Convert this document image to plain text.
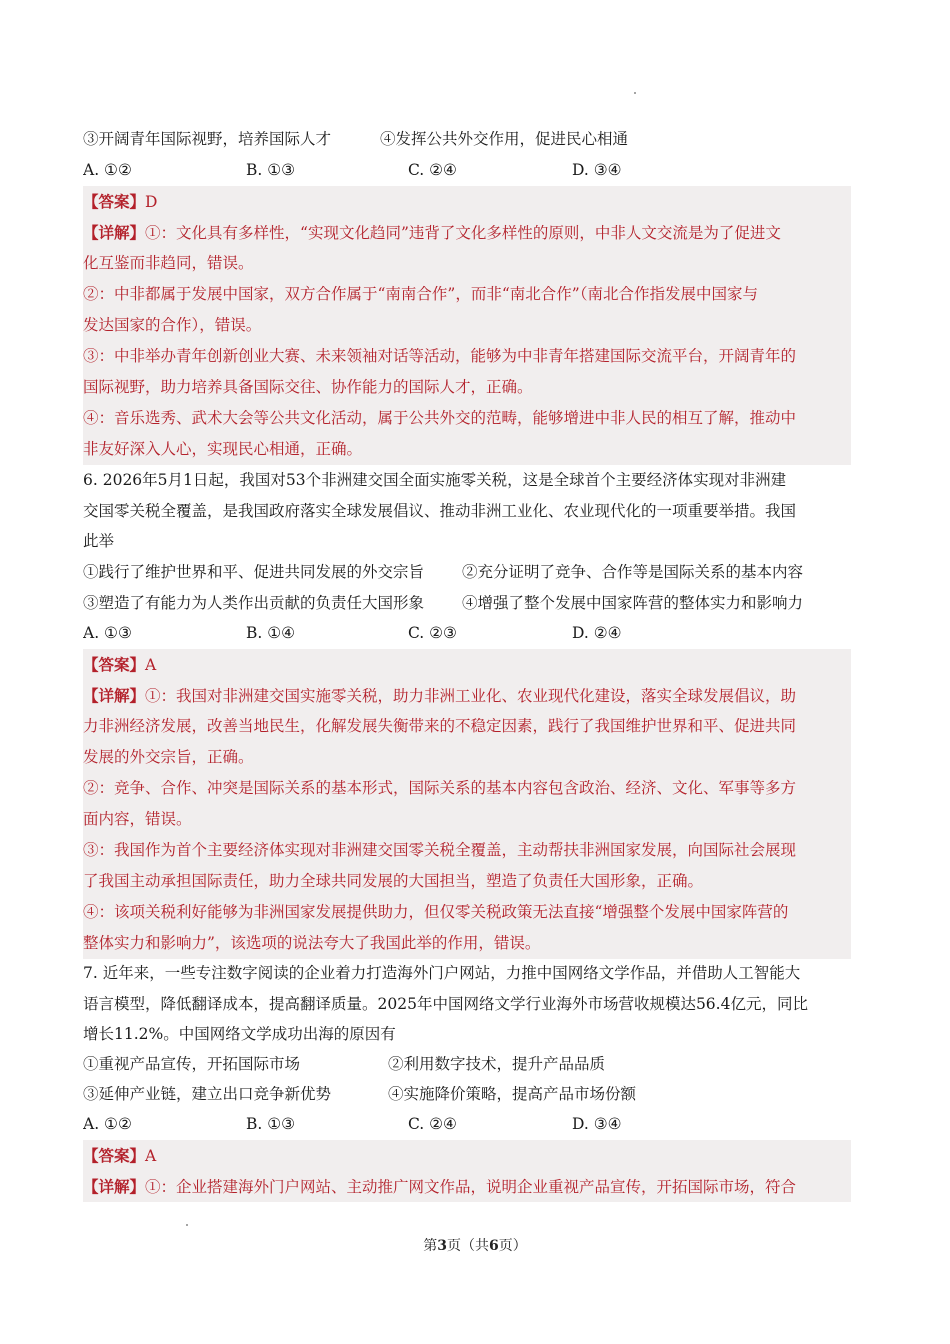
③开阔青年国际视野，培养国际人才	④发挥公共外交作用，促进民心相通
A. ①②	B. ①③	C. ②④	D. ③④
【答案】D
【详解】①：文化具有多样性，“实现文化趋同”违背了文化多样性的原则，中非人文交流是为了促进文
化互鉴而非趋同，错误。
②：中非都属于发展中国家，双方合作属于“南南合作”，而非“南北合作”（南北合作指发展中国家与
发达国家的合作），错误。
③：中非举办青年创新创业大赛、未来领袖对话等活动，能够为中非青年搭建国际交流平台，开阔青年的
国际视野，助力培养具备国际交往、协作能力的国际人才，正确。
④：音乐选秀、武术大会等公共文化活动，属于公共外交的范畴，能够增进中非人民的相互了解，推动中
非友好深入人心，实现民心相通，正确。
6. 2026年5月1日起，我国对53个非洲建交国全面实施零关税，这是全球首个主要经济体实现对非洲建
交国零关税全覆盖，是我国政府落实全球发展倡议、推动非洲工业化、农业现代化的一项重要举措。我国
此举
①践行了维护世界和平、促进共同发展的外交宗旨 ②充分证明了竞争、合作等是国际关系的基本内容
③塑造了有能力为人类作出贡献的负责任大国形象 ④增强了整个发展中国家阵营的整体实力和影响力
A. ①③	B. ①④	C. ②③	D. ②④
【答案】A
【详解】①：我国对非洲建交国实施零关税，助力非洲工业化、农业现代化建设，落实全球发展倡议，助
力非洲经济发展，改善当地民生，化解发展失衡带来的不稳定因素，践行了我国维护世界和平、促进共同
发展的外交宗旨，正确。
②：竞争、合作、冲突是国际关系的基本形式，国际关系的基本内容包含政治、经济、文化、军事等多方
面内容，错误。
③：我国作为首个主要经济体实现对非洲建交国零关税全覆盖，主动帮扶非洲国家发展，向国际社会展现
了我国主动承担国际责任，助力全球共同发展的大国担当，塑造了负责任大国形象，正确。
④：该项关税利好能够为非洲国家发展提供助力，但仅零关税政策无法直接“增强整个发展中国家阵营的
整体实力和影响力”，该选项的说法夸大了我国此举的作用，错误。
7. 近年来，一些专注数字阅读的企业着力打造海外门户网站，力推中国网络文学作品，并借助人工智能大
语言模型，降低翻译成本，提高翻译质量。2025年中国网络文学行业海外市场营收规模达56.4亿元，同比
增长11.2%。中国网络文学成功出海的原因有
①重视产品宣传，开拓国际市场	②利用数字技术，提升产品品质
③延伸产业链，建立出口竞争新优势	④实施降价策略，提高产品市场份额
A. ①②	B. ①③	C. ②④	D. ③④
【答案】A
【详解】①：企业搭建海外门户网站、主动推广网文作品，说明企业重视产品宣传，开拓国际市场，符合
第3页（共6页）
